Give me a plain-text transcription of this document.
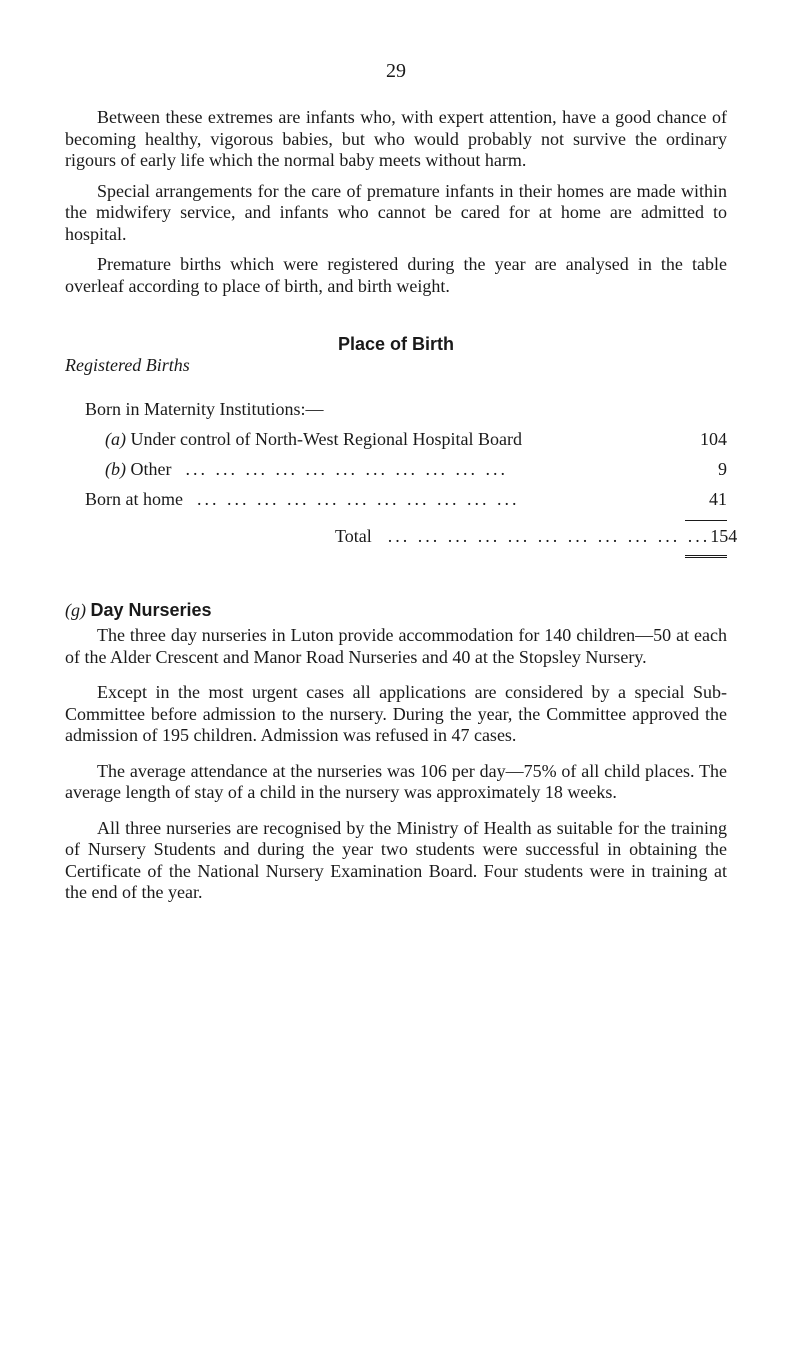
29

Between these extremes are infants who, with expert attention, have a good chance of becoming healthy, vigorous babies, but who would probably not survive the ordinary rigours of early life which the normal baby meets without harm.

Special arrangements for the care of premature infants in their homes are made within the midwifery service, and infants who cannot be cared for at home are admitted to hospital.

Premature births which were registered during the year are analysed in the table overleaf according to place of birth, and birth weight.

Place of Birth
Registered Births
Born in Maternity Institutions:—
(a) Under control of North-West Regional Hospital Board	104
(b) Other ... ... ... ... ... ... ... ... ... ... ...	9
Born at home ... ... ... ... ... ... ... ... ... ... ...	41
Total ... ... ... ... ... ... ... ... ... ... ... 154
(g) Day Nurseries

The three day nurseries in Luton provide accommodation for 140 children—50 at each of the Alder Crescent and Manor Road Nurseries and 40 at the Stopsley Nursery.

Except in the most urgent cases all applications are considered by a special Sub-Committee before admission to the nursery. During the year, the Committee approved the admission of 195 children. Admission was refused in 47 cases.

The average attendance at the nurseries was 106 per day—75% of all child places. The average length of stay of a child in the nursery was approximately 18 weeks.

All three nurseries are recognised by the Ministry of Health as suitable for the training of Nursery Students and during the year two students were successful in obtaining the Certificate of the National Nursery Examination Board. Four students were in training at the end of the year.
